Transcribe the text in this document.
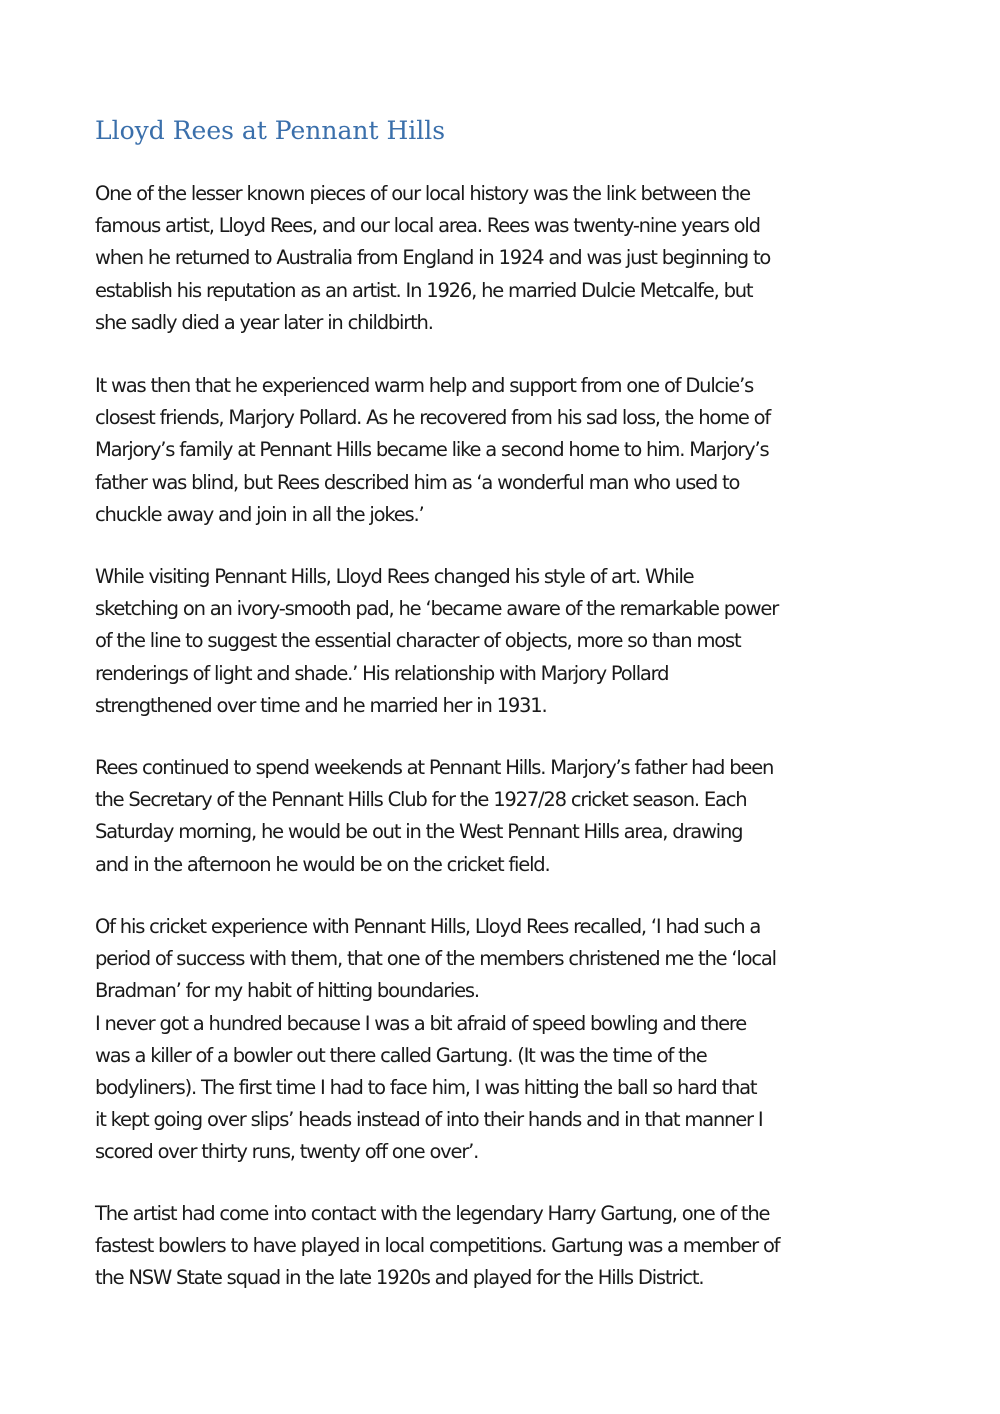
Lloyd Rees at Pennant Hills

One of the lesser known pieces of our local history was the link between the
famous artist, Lloyd Rees, and our local area. Rees was twenty-nine years old
when he returned to Australia from England in 1924 and was just beginning to
establish his reputation as an artist. In 1926, he married Dulcie Metcalfe, but
she sadly died a year later in childbirth.

It was then that he experienced warm help and support from one of Dulcie’s
closest friends, Marjory Pollard. As he recovered from his sad loss, the home of
Marjory’s family at Pennant Hills became like a second home to him. Marjory’s
father was blind, but Rees described him as ‘a wonderful man who used to
chuckle away and join in all the jokes.’

While visiting Pennant Hills, Lloyd Rees changed his style of art. While
sketching on an ivory-smooth pad, he ‘became aware of the remarkable power
of the line to suggest the essential character of objects, more so than most
renderings of light and shade.’ His relationship with Marjory Pollard
strengthened over time and he married her in 1931.

Rees continued to spend weekends at Pennant Hills. Marjory’s father had been
the Secretary of the Pennant Hills Club for the 1927/28 cricket season. Each
Saturday morning, he would be out in the West Pennant Hills area, drawing
and in the afternoon he would be on the cricket field.

Of his cricket experience with Pennant Hills, Lloyd Rees recalled, ‘I had such a
period of success with them, that one of the members christened me the ‘local
Bradman’ for my habit of hitting boundaries.
I never got a hundred because I was a bit afraid of speed bowling and there
was a killer of a bowler out there called Gartung. (It was the time of the
bodyliners). The first time I had to face him, I was hitting the ball so hard that
it kept going over slips’ heads instead of into their hands and in that manner I
scored over thirty runs, twenty off one over’.

The artist had come into contact with the legendary Harry Gartung, one of the
fastest bowlers to have played in local competitions. Gartung was a member of
the NSW State squad in the late 1920s and played for the Hills District.
